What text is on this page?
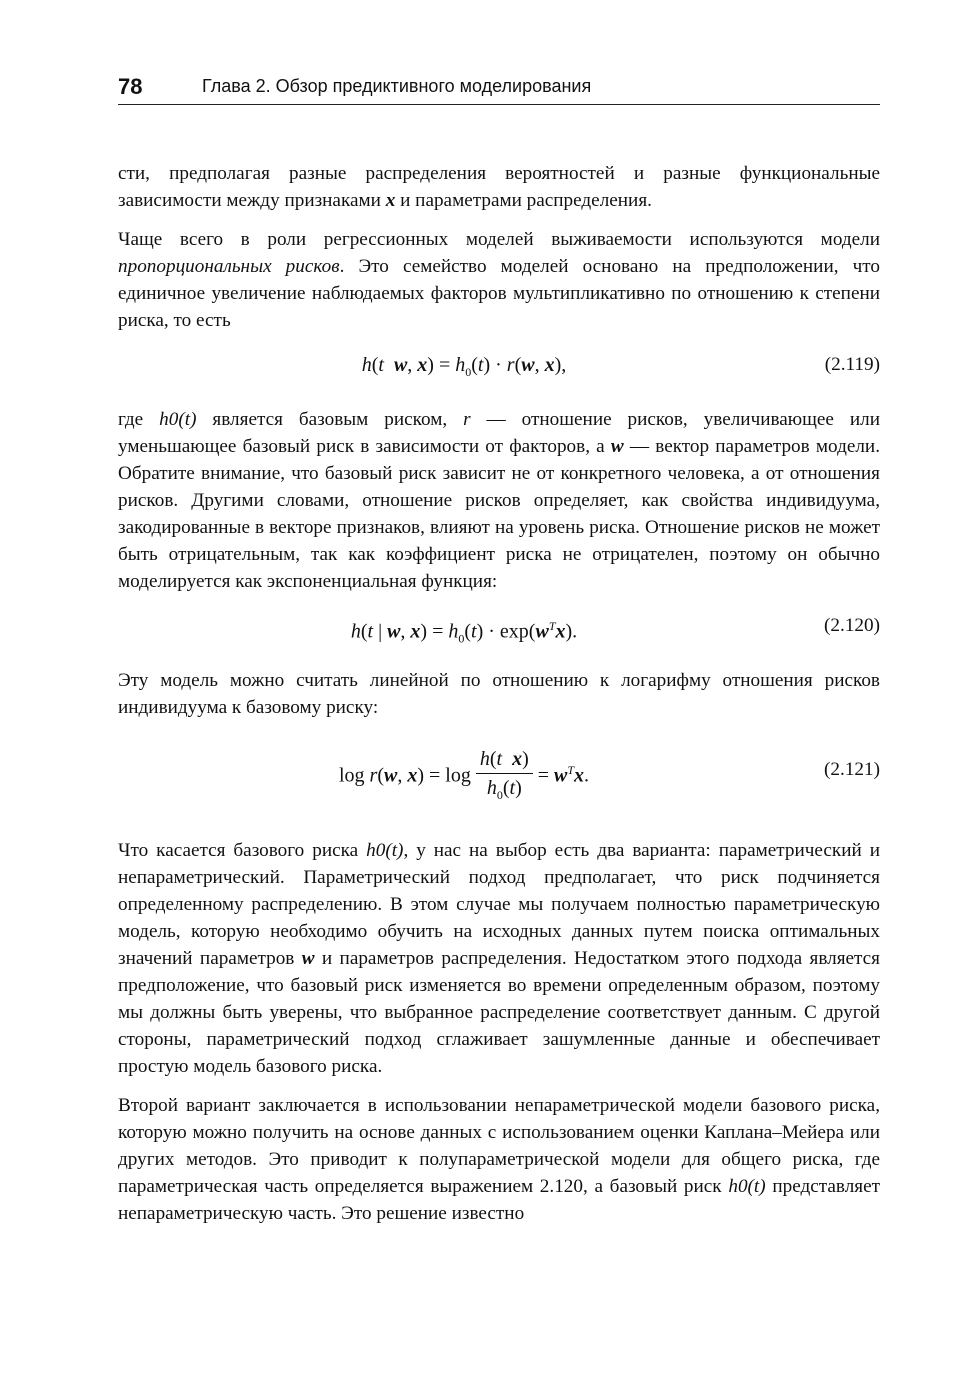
78	Глава 2. Обзор предиктивного моделирования

сти, предполагая разные распределения вероятностей и разные функциональные зависимости между признаками x и параметрами распределения.

Чаще всего в роли регрессионных моделей выживаемости используются модели пропорциональных рисков. Это семейство моделей основано на предположении, что единичное увеличение наблюдаемых факторов мультипликативно по отношению к степени риска, то есть

h(t w, $x) = h_0(t) \cdot r(w$, x),	(2.119)

где h0(t) является базовым риском, r — отношение рисков, увеличивающее или уменьшающее базовый риск в зависимости от факторов, а w — вектор параметров модели. Обратите внимание, что базовый риск зависит не от конкретного человека, а от отношения рисков. Другими словами, отношение рисков определяет, как свойства индивидуума, закодированные в векторе признаков, влияют на уровень риска. Отношение рисков не может быть отрицательным, так как коэффициент риска не отрицателен, поэтому он обычно моделируется как экспоненциальная функция:

h(t | w, $x) = h_0(t) \cdot \exp(w^Tx)$.	(2.120)

Эту модель можно считать линейной по отношению к логарифму отношения рисков индивидуума к базовому риску:

log r(w, $x) = \log \frac{\text{h(t x)}}{h_0(t)} = w^Tx$.	(2.121)

Что касается базового риска h0(t), у нас на выбор есть два варианта: параметрический и непараметрический. Параметрический подход предполагает, что риск подчиняется определенному распределению. В этом случае мы получаем полностью параметрическую модель, которую необходимо обучить на исходных данных путем поиска оптимальных значений параметров w и параметров распределения. Недостатком этого подхода является предположение, что базовый риск изменяется во времени определенным образом, поэтому мы должны быть уверены, что выбранное распределение соответствует данным. С другой стороны, параметрический подход сглаживает зашумленные данные и обеспечивает простую модель базового риска.

Второй вариант заключается в использовании непараметрической модели базового риска, которую можно получить на основе данных с использованием оценки Каплана–Мейера или других методов. Это приводит к полупараметрической модели для общего риска, где параметрическая часть определяется выражением 2.120, а базовый риск h0(t) представляет непараметрическую часть. Это решение известно
